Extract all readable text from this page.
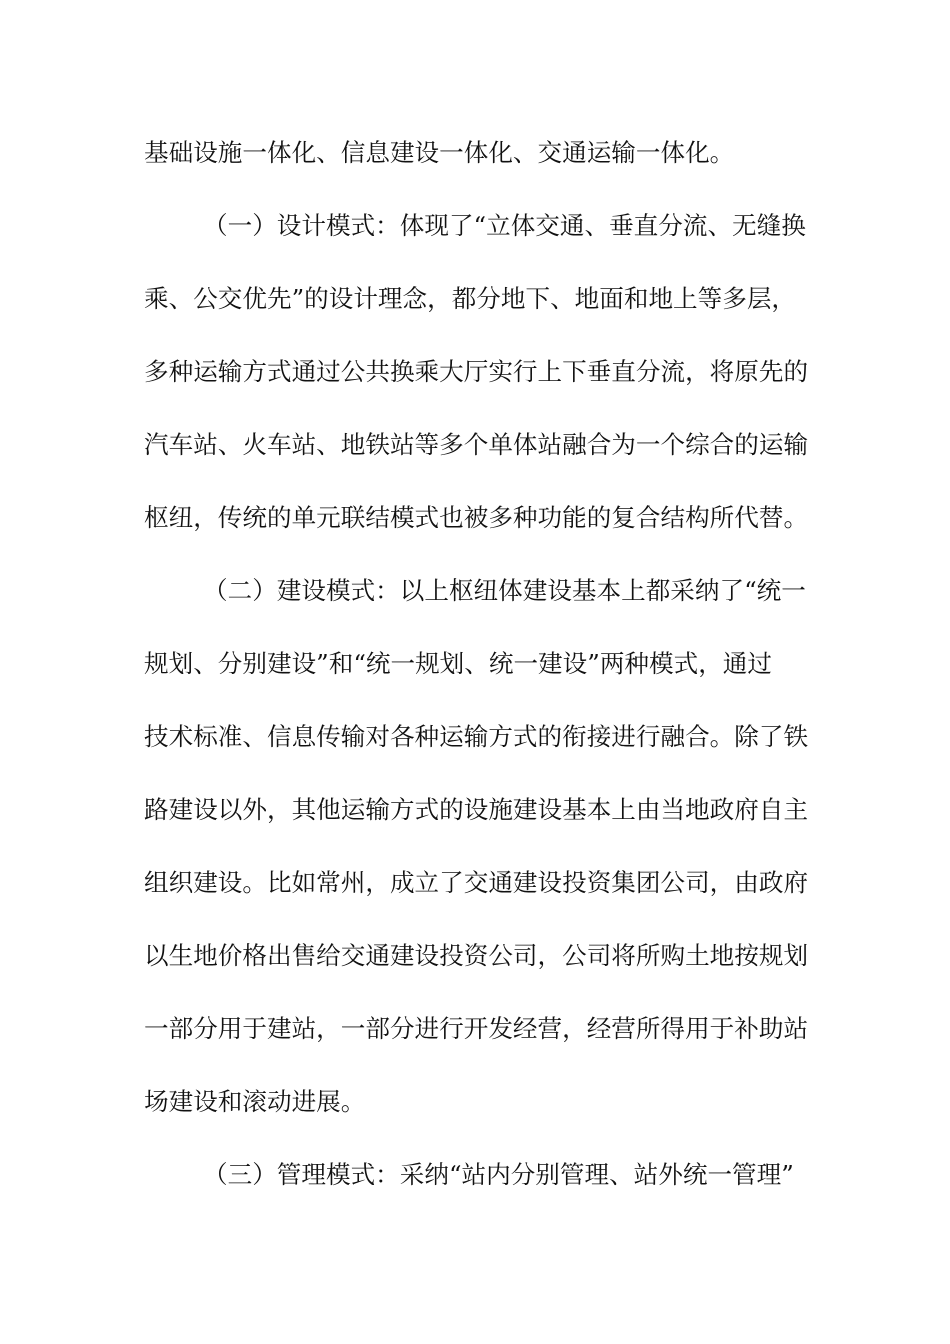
基础设施一体化、信息建设一体化、交通运输一体化。
（一）设计模式：体现了“立体交通、垂直分流、无缝换
乘、公交优先”的设计理念，都分地下、地面和地上等多层，
多种运输方式通过公共换乘大厅实行上下垂直分流，将原先的
汽车站、火车站、地铁站等多个单体站融合为一个综合的运输
枢纽，传统的单元联结模式也被多种功能的复合结构所代替。
（二）建设模式：以上枢纽体建设基本上都采纳了“统一
规划、分别建设”和“统一规划、统一建设”两种模式，通过
技术标准、信息传输对各种运输方式的衔接进行融合。除了铁
路建设以外，其他运输方式的设施建设基本上由当地政府自主
组织建设。比如常州，成立了交通建设投资集团公司，由政府
以生地价格出售给交通建设投资公司，公司将所购土地按规划
一部分用于建站，一部分进行开发经营，经营所得用于补助站
场建设和滚动进展。
（三）管理模式：采纳“站内分别管理、站外统一管理”
